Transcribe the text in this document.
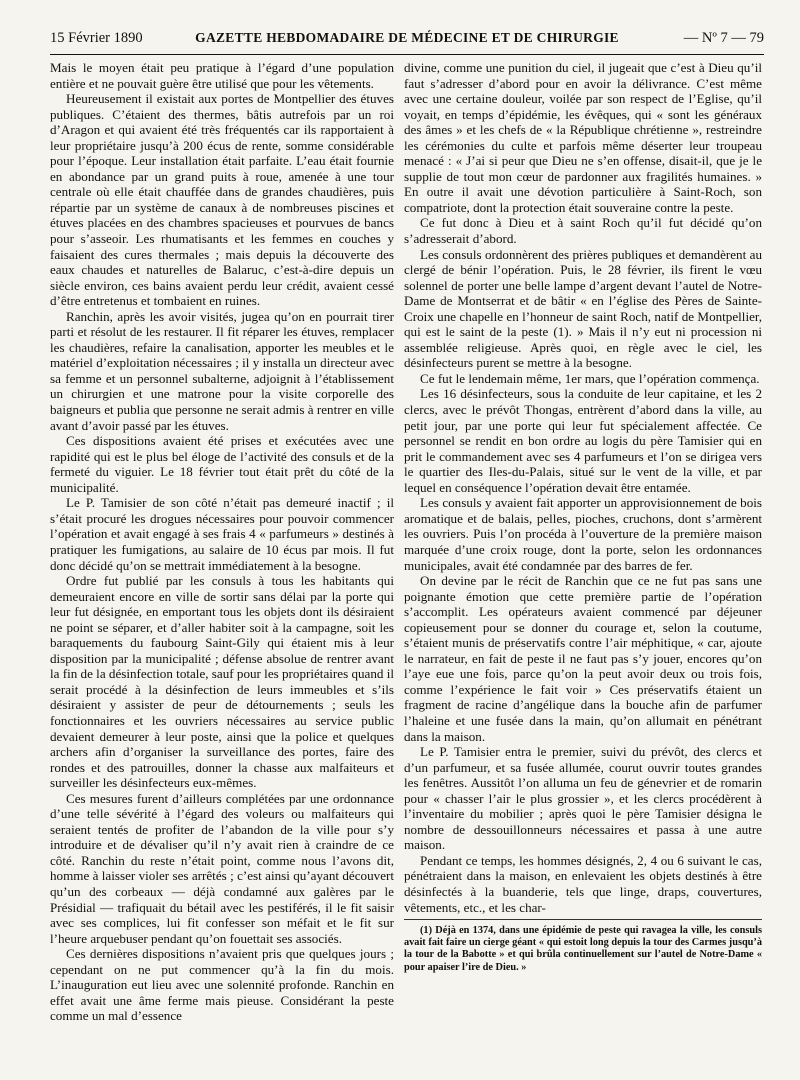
15 Février 1890	GAZETTE HEBDOMADAIRE DE MÉDECINE ET DE CHIRURGIE	— Nº 7 — 79

Mais le moyen était peu pratique à l’égard d’une population entière et ne pouvait guère être utilisé que pour les vêtements.

Heureusement il existait aux portes de Montpellier des étuves publiques. C’étaient des thermes, bâtis autrefois par un roi d’Aragon et qui avaient été très fréquentés car ils rapportaient à leur propriétaire jusqu’à 200 écus de rente, somme considérable pour l’époque. Leur installation était parfaite. L’eau était fournie en abondance par un grand puits à roue, amenée à une tour centrale où elle était chauffée dans de grandes chaudières, puis répartie par un système de canaux à de nombreuses piscines et étuves placées en des chambres spacieuses et pourvues de bancs pour s’asseoir. Les rhumatisants et les femmes en couches y faisaient des cures thermales ; mais depuis la découverte des eaux chaudes et naturelles de Balaruc, c’est-à-dire depuis un siècle environ, ces bains avaient perdu leur crédit, avaient cessé d’être entretenus et tombaient en ruines.

Ranchin, après les avoir visités, jugea qu’on en pourrait tirer parti et résolut de les restaurer. Il fit réparer les étuves, remplacer les chaudières, refaire la canalisation, apporter les meubles et le matériel d’exploitation nécessaires ; il y installa un directeur avec sa femme et un personnel subalterne, adjoignit à l’établissement un chirurgien et une matrone pour la visite corporelle des baigneurs et publia que personne ne serait admis à rentrer en ville avant d’avoir passé par les étuves.

Ces dispositions avaient été prises et exécutées avec une rapidité qui est le plus bel éloge de l’activité des consuls et de la fermeté du viguier. Le 18 février tout était prêt du côté de la municipalité.

Le P. Tamisier de son côté n’était pas demeuré inactif ; il s’était procuré les drogues nécessaires pour pouvoir commencer l’opération et avait engagé à ses frais 4 « parfumeurs » destinés à pratiquer les fumigations, au salaire de 10 écus par mois. Il fut donc décidé qu’on se mettrait immédiatement à la besogne.

Ordre fut publié par les consuls à tous les habitants qui demeuraient encore en ville de sortir sans délai par la porte qui leur fut désignée, en emportant tous les objets dont ils désiraient ne point se séparer, et d’aller habiter soit à la campagne, soit les baraquements du faubourg Saint-Gily qui étaient mis à leur disposition par la municipalité ; défense absolue de rentrer avant la fin de la désinfection totale, sauf pour les propriétaires quand il serait procédé à la désinfection de leurs immeubles et s’ils désiraient y assister de peur de détournements ; seuls les fonctionnaires et les ouvriers nécessaires au service public devaient demeurer à leur poste, ainsi que la police et quelques archers afin d’organiser la surveillance des portes, faire des rondes et des patrouilles, donner la chasse aux malfaiteurs et surveiller les désinfecteurs eux-mêmes.

Ces mesures furent d’ailleurs complétées par une ordonnance d’une telle sévérité à l’égard des voleurs ou malfaiteurs qui seraient tentés de profiter de l’abandon de la ville pour s’y introduire et de dévaliser qu’il n’y avait rien à craindre de ce côté. Ranchin du reste n’était point, comme nous l’avons dit, homme à laisser violer ses arrêtés ; c’est ainsi qu’ayant découvert qu’un des corbeaux — déjà condamné aux galères par le Présidial — trafiquait du bétail avec les pestiférés, il le fit saisir avec ses complices, lui fit confesser son méfait et le fit sur l’heure arquebuser pendant qu’on fouettait ses associés.

Ces dernières dispositions n’avaient pris que quelques jours ; cependant on ne put commencer qu’à la fin du mois. L’inauguration eut lieu avec une solennité profonde. Ranchin en effet avait une âme ferme mais pieuse. Considérant la peste comme un mal d’essence

divine, comme une punition du ciel, il jugeait que c’est à Dieu qu’il faut s’adresser d’abord pour en avoir la délivrance. C’est même avec une certaine douleur, voilée par son respect de l’Eglise, qu’il voyait, en temps d’épidémie, les évêques, qui « sont les généraux des âmes » et les chefs de « la République chrétienne », restreindre les cérémonies du culte et parfois même déserter leur troupeau menacé : « J’ai si peur que Dieu ne s’en offense, disait-il, que je le supplie de tout mon cœur de pardonner aux fragilités humaines. » En outre il avait une dévotion particulière à Saint-Roch, son compatriote, dont la protection était souveraine contre la peste.

Ce fut donc à Dieu et à saint Roch qu’il fut décidé qu’on s’adresserait d’abord.

Les consuls ordonnèrent des prières publiques et demandèrent au clergé de bénir l’opération. Puis, le 28 février, ils firent le vœu solennel de porter une belle lampe d’argent devant l’autel de Notre-Dame de Montserrat et de bâtir « en l’église des Pères de Sainte-Croix une chapelle en l’honneur de saint Roch, natif de Montpellier, qui est le saint de la peste (1). » Mais il n’y eut ni procession ni assemblée religieuse. Après quoi, en règle avec le ciel, les désinfecteurs purent se mettre à la besogne.

Ce fut le lendemain même, 1er mars, que l’opération commença.

Les 16 désinfecteurs, sous la conduite de leur capitaine, et les 2 clercs, avec le prévôt Thongas, entrèrent d’abord dans la ville, au petit jour, par une porte qui leur fut spécialement affectée. Ce personnel se rendit en bon ordre au logis du père Tamisier qui en prit le commandement avec ses 4 parfumeurs et l’on se dirigea vers le quartier des Iles-du-Palais, situé sur le vent de la ville, et par lequel en conséquence l’opération devait être entamée.

Les consuls y avaient fait apporter un approvisionnement de bois aromatique et de balais, pelles, pioches, cruchons, dont s’armèrent les ouvriers. Puis l’on procéda à l’ouverture de la première maison marquée d’une croix rouge, dont la porte, selon les ordonnances municipales, avait été condamnée par des barres de fer.

On devine par le récit de Ranchin que ce ne fut pas sans une poignante émotion que cette première partie de l’opération s’accomplit. Les opérateurs avaient commencé par déjeuner copieusement pour se donner du courage et, selon la coutume, s’étaient munis de préservatifs contre l’air méphitique, « car, ajoute le narrateur, en fait de peste il ne faut pas s’y jouer, encores qu’on l’aye eue une fois, parce qu’on la peut avoir deux ou trois fois, comme l’expérience le fait voir » Ces préservatifs étaient un fragment de racine d’angélique dans la bouche afin de parfumer l’haleine et une fusée dans la main, qu’on allumait en pénétrant dans la maison.

Le P. Tamisier entra le premier, suivi du prévôt, des clercs et d’un parfumeur, et sa fusée allumée, courut ouvrir toutes grandes les fenêtres. Aussitôt l’on alluma un feu de génevrier et de romarin pour « chasser l’air le plus grossier », et les clercs procédèrent à l’inventaire du mobilier ; après quoi le père Tamisier désigna le nombre de dessouillonneurs nécessaires et passa à une autre maison.

Pendant ce temps, les hommes désignés, 2, 4 ou 6 suivant le cas, pénétraient dans la maison, en enlevaient les objets destinés à être désinfectés à la buanderie, tels que linge, draps, couvertures, vêtements, etc., et les char-

(1) Déjà en 1374, dans une épidémie de peste qui ravagea la ville, les consuls avait fait faire un cierge géant « qui estoit long depuis la tour des Carmes jusqu’à la tour de la Babotte » et qui brûla continuellement sur l’autel de Notre-Dame « pour apaiser l’ire de Dieu. »
